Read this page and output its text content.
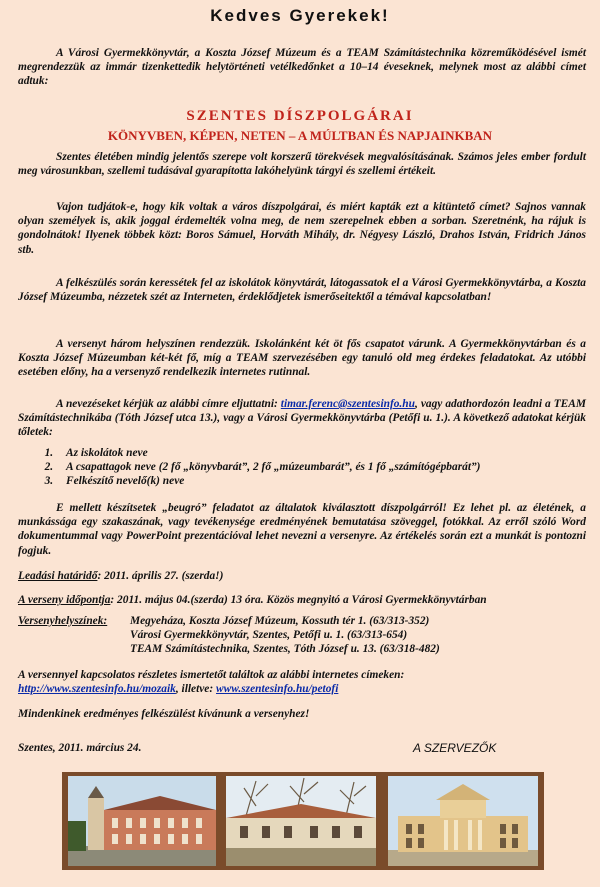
Kedves Gyerekek!
A Városi Gyermekkönyvtár, a Koszta József Múzeum és a TEAM Számítástechnika közreműködésével ismét megrendezzük az immár tizenkettedik helytörténeti vetélkedőnket a 10–14 éveseknek, melynek most az alábbi címet adtuk:
SZENTES DÍSZPOLGÁRAI
KÖNYVBEN, KÉPEN, NETEN – A MÚLTBAN ÉS NAPJAINKBAN
Szentes életében mindig jelentős szerepe volt korszerű törekvések megvalósításának. Számos jeles ember fordult meg városunkban, szellemi tudásával gyarapította lakóhelyünk tárgyi és szellemi értékeit.
Vajon tudjátok-e, hogy kik voltak a város díszpolgárai, és miért kapták ezt a kitüntető címet? Sajnos vannak olyan személyek is, akik joggal érdemelték volna meg, de nem szerepelnek ebben a sorban. Szeretnénk, ha rájuk is gondolnátok! Ilyenek többek közt: Boros Sámuel, Horváth Mihály, dr. Négyesy László, Drahos István, Fridrich János stb.
A felkészülés során keressétek fel az iskolátok könyvtárát, látogassatok el a Városi Gyermekkönyvtárba, a Koszta József Múzeumba, nézzetek szét az Interneten, érdeklődjetek ismerőseitektől a témával kapcsolatban!
A versenyt három helyszínen rendezzük. Iskolánként két öt fős csapatot várunk. A Gyermekkönyvtárban és a Koszta József Múzeumban két-két fő, míg a TEAM szervezésében egy tanuló old meg érdekes feladatokat. Az utóbbi esetében előny, ha a versenyző rendelkezik internetes rutinnal.
A nevezéseket kérjük az alábbi címre eljuttatni: timar.ferenc@szentesinfo.hu, vagy adathordozón leadni a TEAM Számítástechnikába (Tóth József utca 13.), vagy a Városi Gyermekkönyvtárba (Petőfi u. 1.). A következő adatokat kérjük tőletek:
1. Az iskolátok neve
2. A csapattagok neve (2 fő „könyvbarát”, 2 fő „múzeumbarát”, és 1 fő „számítógépbarát”)
3. Felkészítő nevelő(k) neve
E mellett készítsetek „beugró” feladatot az általatok kiválasztott díszpolgárról! Ez lehet pl. az életének, a munkássága egy szakaszának, vagy tevékenysége eredményének bemutatása szöveggel, fotókkal. Az erről szóló Word dokumentummal vagy PowerPoint prezentációval lehet nevezni a versenyre. Az értékelés során ezt a munkát is pontozni fogjuk.
Leadási határidő: 2011. április 27. (szerda!)
A verseny időpontja: 2011. május 04.(szerda) 13 óra. Közös megnyitó a Városi Gyermekkönyvtárban
Versenyhelyszínek:	Megyeháza, Koszta József Múzeum, Kossuth tér 1. (63/313-352)
Városi Gyermekkönyvtár, Szentes, Petőfi u. 1. (63/313-654)
TEAM Számítástechnika, Szentes, Tóth József u. 13. (63/318-482)
A versennyel kapcsolatos részletes ismertetőt találtok az alábbi internetes címeken:
http://www.szentesinfo.hu/mozaik, illetve: www.szentesinfo.hu/petofi
Mindenkinek eredményes felkészülést kívánunk a versenyhez!
Szentes, 2011. március 24.	A SZERVEZŐK
